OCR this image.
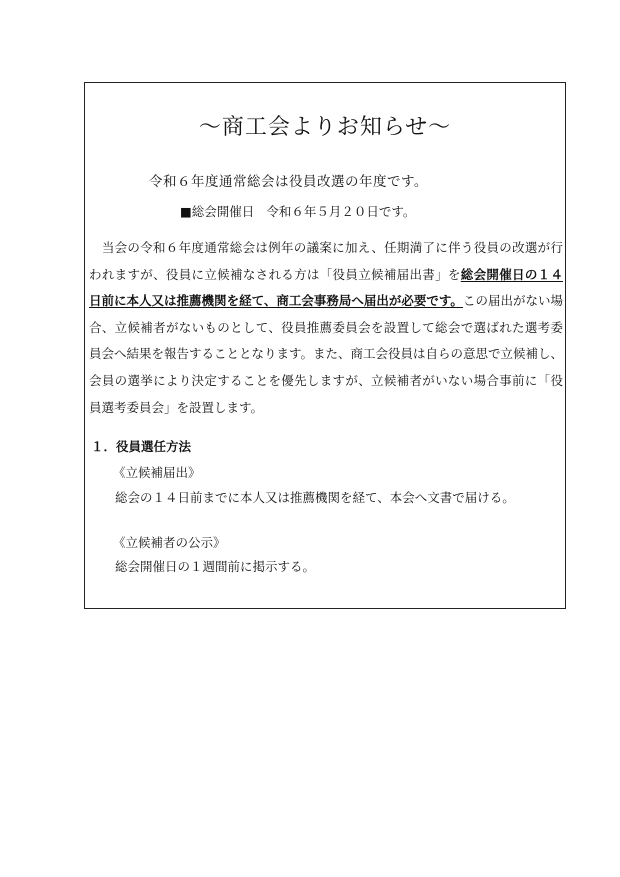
～商工会よりお知らせ～
令和６年度通常総会は役員改選の年度です。
■総会開催日 令和６年５月２０日です。
　当会の令和６年度通常総会は例年の議案に加え、任期満了に伴う役員の改選が行われますが、役員に立候補なされる方は「役員立候補届出書」を総会開催日の１４日前に本人又は推薦機関を経て、商工会事務局へ届出が必要です。この届出がない場合、立候補者がないものとして、役員推薦委員会を設置して総会で選ばれた選考委員会へ結果を報告することとなります。また、商工会役員は自らの意思で立候補し、会員の選挙により決定することを優先しますが、立候補者がいない場合事前に「役員選考委員会」を設置します。
１．役員選任方法
《立候補届出》
総会の１４日前までに本人又は推薦機関を経て、本会へ文書で届ける。
《立候補者の公示》
総会開催日の１週間前に掲示する。
